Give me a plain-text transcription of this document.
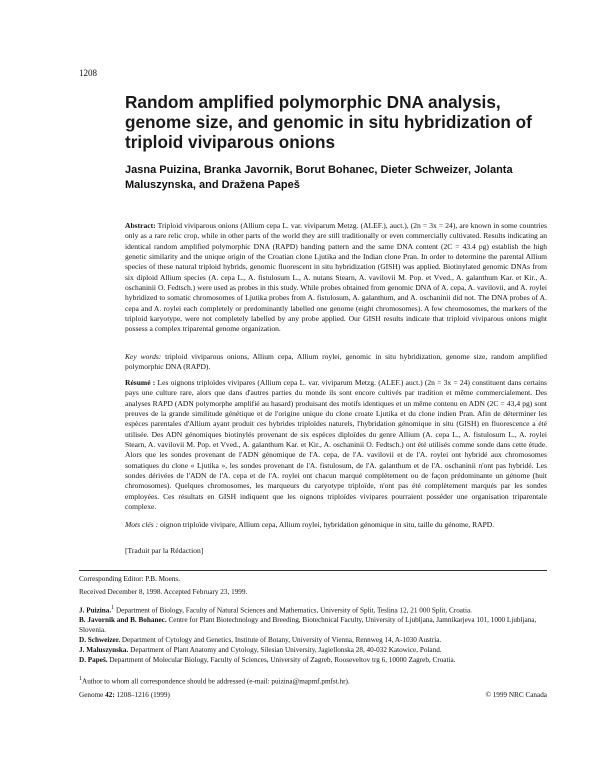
1208
Random amplified polymorphic DNA analysis, genome size, and genomic in situ hybridization of triploid viviparous onions
Jasna Puizina, Branka Javornik, Borut Bohanec, Dieter Schweizer, Jolanta Maluszynska, and Dražena Papeš
Abstract: Triploid viviparous onions (Allium cepa L. var. viviparum Metzg. (ALEF.), auct.), (2n = 3x = 24), are known in some countries only as a rare relic crop, while in other parts of the world they are still traditionally or even commercially cultivated. Results indicating an identical random amplified polymorphic DNA (RAPD) banding pattern and the same DNA content (2C = 43.4 pg) establish the high genetic similarity and the unique origin of the Croatian clone Ljutika and the Indian clone Pran. In order to determine the parental Allium species of these natural triploid hybrids, genomic fluorescent in situ hybridization (GISH) was applied. Biotinylated genomic DNAs from six diploid Allium species (A. cepa L., A. fistulosum L., A. nutans Stearn, A. vavilovii M. Pop. et Vved., A. galanthum Kar. et Kir., A. oschaninii O. Fedtsch.) were used as probes in this study. While probes obtained from genomic DNA of A. cepa, A. vavilovii, and A. roylei hybridized to somatic chromosomes of Ljutika probes from A. fistulosum, A. galanthum, and A. oschaninii did not. The DNA probes of A. cepa and A. roylei each completely or predominantly labelled one genome (eight chromosomes). A few chromosomes, the markers of the triploid karyotype, were not completely labelled by any probe applied. Our GISH results indicate that triploid viviparous onions might possess a complex triparental genome organization.
Key words: triploid viviparous onions, Allium cepa, Allium roylei, genomic in situ hybridization, genome size, random amplified polymorphic DNA (RAPD).
Résumé : Les oignons triploïdes vivipares (Allium cepa L. var. viviparum Metzg. (ALEF.) auct.) (2n = 3x = 24) constituent dans certains pays une culture rare, alors que dans d'autres parties du monde ils sont encore cultivés par tradition et même commercialement. Des analyses RAPD (ADN polymorphe amplifié au hasard) produisant des motifs identiques et un même contenu en ADN (2C = 43,4 pg) sont preuves de la grande similitude génétique et de l'origine unique du clone croate Ljutika et du clone indien Pran. Afin de déterminer les espèces parentales d'Allium ayant produit ces hybrides triploïdes naturels, l'hybridation génomique in situ (GISH) en fluorescence a été utilisée. Des ADN génomiques biotinylés provenant de six espèces diploïdes du genre Allium (A. cepa L., A. fistulosum L., A. roylei Stearn, A. vavilovii M. Pop. et Vved., A. galanthum Kar. et Kir., A. oschaninii O. Fedtsch.) ont été utilisés comme sonde dans cette étude. Alors que les sondes provenant de l'ADN génomique de l'A. cepa, de l'A. vavilovii et de l'A. roylei ont hybridé aux chromosomes somatiques du clone « Ljutika », les sondes provenant de l'A. fistulosum, de l'A. galanthum et de l'A. oschaninii n'ont pas hybridé. Les sondes dérivées de l'ADN de l'A. cepa et de l'A. roylei ont chacun marqué complètement ou de façon prédominante un génome (huit chromosomes). Quelques chromosomes, les marqueurs du caryotype triploïde, n'ont pas été complètement marqués par les sondes employées. Ces résultats en GISH indiquent que les oignons triploïdes vivipares pourraient posséder une organisation triparentale complexe.
Mots clés : oignon triploïde vivipare, Allium cepa, Allium roylei, hybridation génomique in situ, taille du génome, RAPD.
[Traduit par la Rédaction]
Corresponding Editor: P.B. Moens.
Received December 8, 1998. Accepted February 23, 1999.

J. Puizina.$^1$ Department of Biology, Faculty of Natural Sciences and Mathematics, University of Split, Teslina 12, 21 000 Split, Croatia.

B. Javornik and B. Bohanec. Centre for Plant Biotechnology and Breeding, Biotechnical Faculty, University of Ljubljana, Jamnikarjeva 101, 1000 Ljubljana, Slovenia.

D. Schweizer. Department of Cytology and Genetics, Institute of Botany, University of Vienna, Rennweg 14, A-1030 Austria.

J. Maluszynska. Department of Plant Anatomy and Cytology, Silesian University, Jagiellonska 28, 40-032 Katowice, Poland.

D. Papeš. Department of Molecular Biology, Faculty of Sciences, University of Zagreb, Rooseveltov trg 6, 10000 Zagreb, Croatia.

$^1$Author to whom all correspondence should be addressed (e-mail: puizina@mapmf.pmfst.hr).
Genome 42: 1208–1216 (1999)	© 1999 NRC Canada
